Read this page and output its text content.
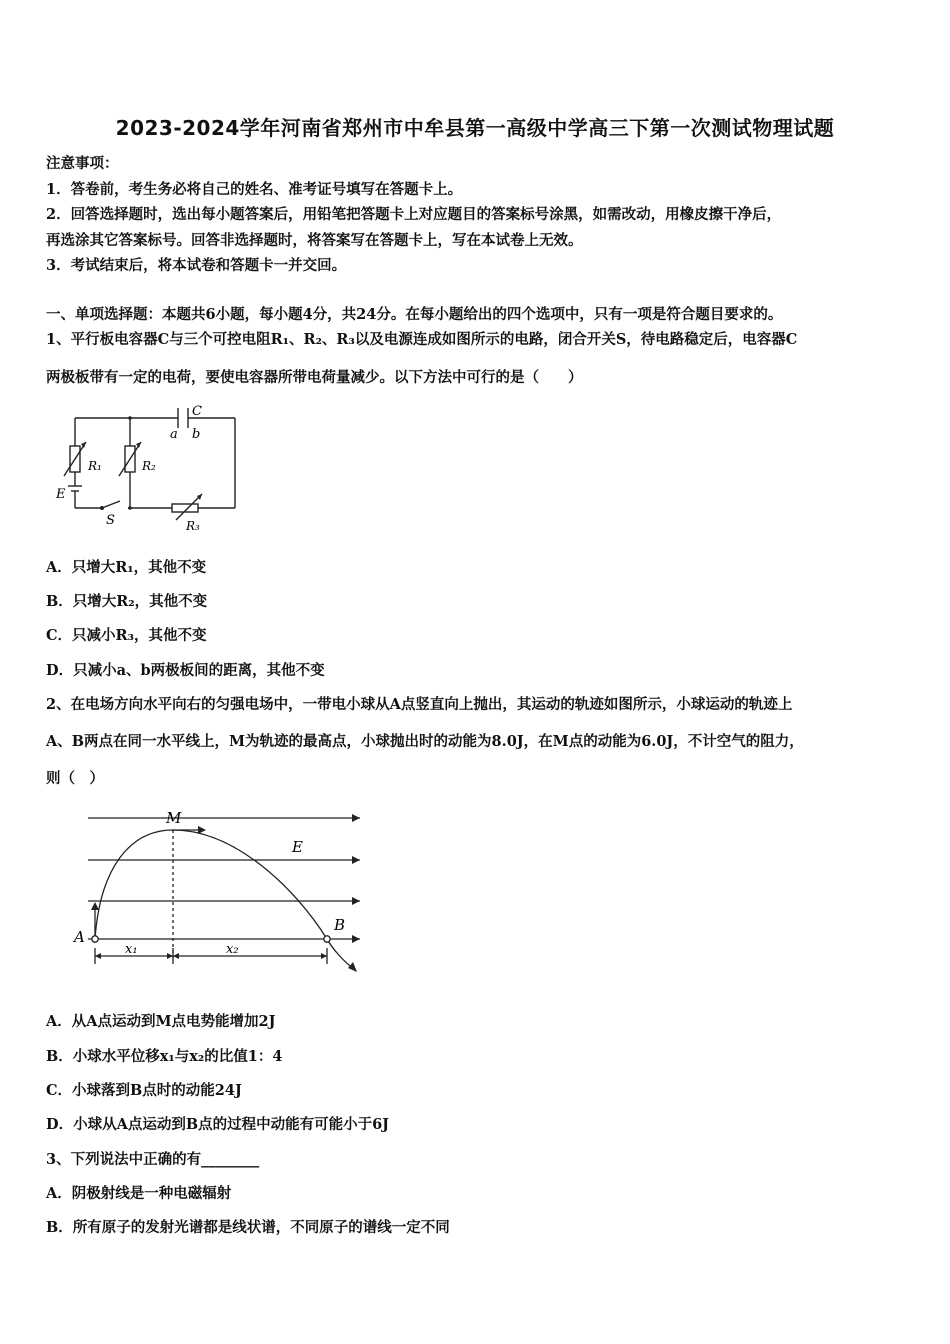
2023-2024学年河南省郑州市中牟县第一高级中学高三下第一次测试物理试题
注意事项：
1．答卷前，考生务必将自己的姓名、准考证号填写在答题卡上。
2．回答选择题时，选出每小题答案后，用铅笔把答题卡上对应题目的答案标号涂黑，如需改动，用橡皮擦干净后，
再选涂其它答案标号。回答非选择题时，将答案写在答题卡上，写在本试卷上无效。
3．考试结束后，将本试卷和答题卡一并交回。
一、单项选择题：本题共6小题，每小题4分，共24分。在每小题给出的四个选项中，只有一项是符合题目要求的。
1、平行板电容器C与三个可控电阻R₁、R₂、R₃以及电源连成如图所示的电路，闭合开关S，待电路稳定后，电容器C
两极板带有一定的电荷，要使电容器所带电荷量减少。以下方法中可行的是（　　）
C
a b
R₁	R₂
R₃
E
S
A．只增大R₁，其他不变
B．只增大R₂，其他不变
C．只减小R₃，其他不变
D．只减小a、b两极板间的距离，其他不变
2、在电场方向水平向右的匀强电场中，一带电小球从A点竖直向上抛出，其运动的轨迹如图所示，小球运动的轨迹上
A、B两点在同一水平线上，M为轨迹的最高点，小球抛出时的动能为8.0J，在M点的动能为6.0J，不计空气的阻力，
则（　）
M
E
A
B
x₁	x₂
A．从A点运动到M点电势能增加2J
B．小球水平位移x₁与x₂的比值1：4
C．小球落到B点时的动能24J
D．小球从A点运动到B点的过程中动能有可能小于6J
3、下列说法中正确的有________
A．阴极射线是一种电磁辐射
B．所有原子的发射光谱都是线状谱，不同原子的谱线一定不同
